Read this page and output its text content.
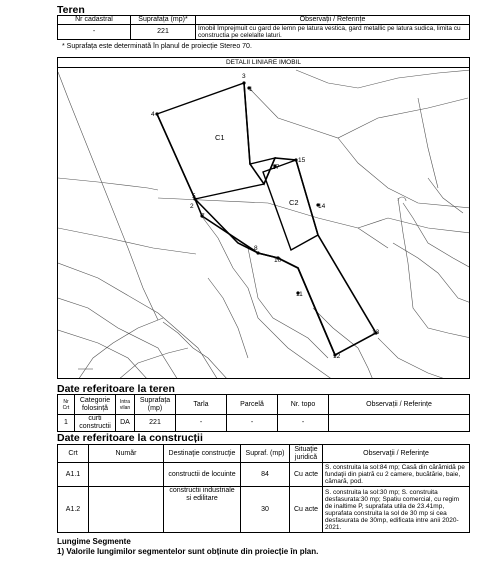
Teren
Nr cadastral	Suprafața (mp)*	Observații / Referințe
-	221	Imobil împrejmuit cu gard de lemn pe latura vestica, gard metallic pe latura sudica, limita cu constructia pe celelalte laturi.
* Suprafața este determinată în planul de proiecție Stereo 70.
DETALII LINIARE IMOBIL
C1
C2
3
1
4
5
2
7
8
10
11
12
13
14
15
17
Date referitoare la teren
Nr Crt	Categorie folosință	Intra vilan	Suprafața (mp)	Tarla	Parcelă	Nr. topo	Observații / Referințe
1	curti constructii	DA	221	-	-	-	
Date referitoare la construcții
Crt	Număr	Destinaţie construcţie	Supraf. (mp)	Situaţie juridică	Observaţii / Referinţe
A1.1		constructii de locuinte	84	Cu acte	S. construita la sol:84 mp; Casă din cărămidă pe fundaţii din piatră cu 2 camere, bucătărie, baie, cămară, pod.
A1.2		constructii industriale si edilitare	30	Cu acte	S. construita la sol:30 mp; S. construita desfasurata:30 mp; Spatiu comercial, cu regim de inaltime P, suprafata utila de 23.41mp, suprafata construita la sol de 30 mp si cea desfasurata de 30mp, edificata intre anii 2020-2021.
Lungime Segmente
1) Valorile lungimilor segmentelor sunt obținute din proiecție în plan.
